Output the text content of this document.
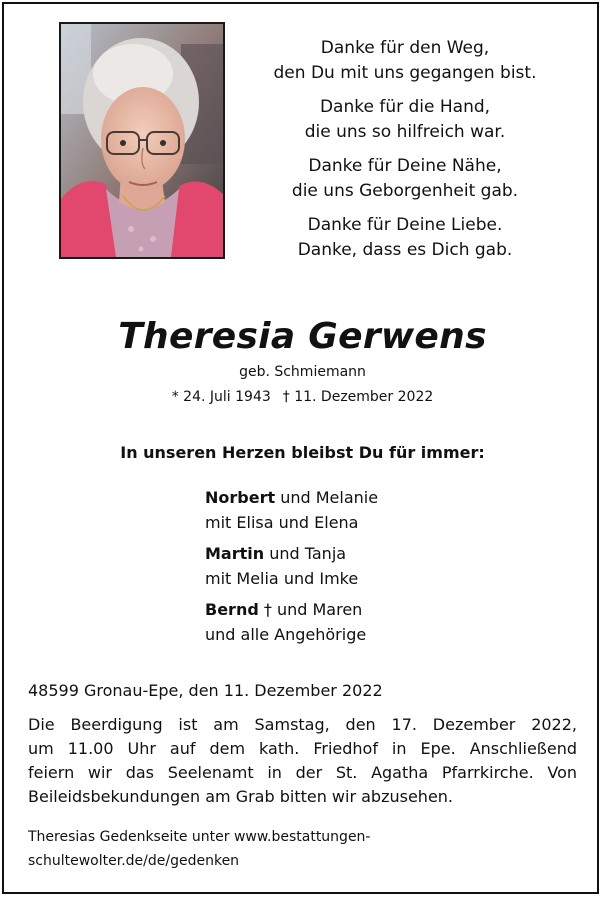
Danke für den Weg,
den Du mit uns gegangen bist.
Danke für die Hand,
die uns so hilfreich war.
Danke für Deine Nähe,
die uns Geborgenheit gab.
Danke für Deine Liebe.
Danke, dass es Dich gab.
Theresia Gerwens
geb. Schmiemann
* 24. Juli 1943 † 11. Dezember 2022
In unseren Herzen bleibst Du für immer:
Norbert und Melanie
mit Elisa und Elena
Martin und Tanja
mit Melia und Imke
Bernd † und Maren
und alle Angehörige
48599 Gronau-Epe, den 11. Dezember 2022
Die Beerdigung ist am Samstag, den 17. Dezember 2022,
um 11.00 Uhr auf dem kath. Friedhof in Epe. Anschließend
feiern wir das Seelenamt in der St. Agatha Pfarrkirche. Von
Beileidsbekundungen am Grab bitten wir abzusehen.
Theresias Gedenkseite unter www.bestattungen-
schultewolter.de/de/gedenken
